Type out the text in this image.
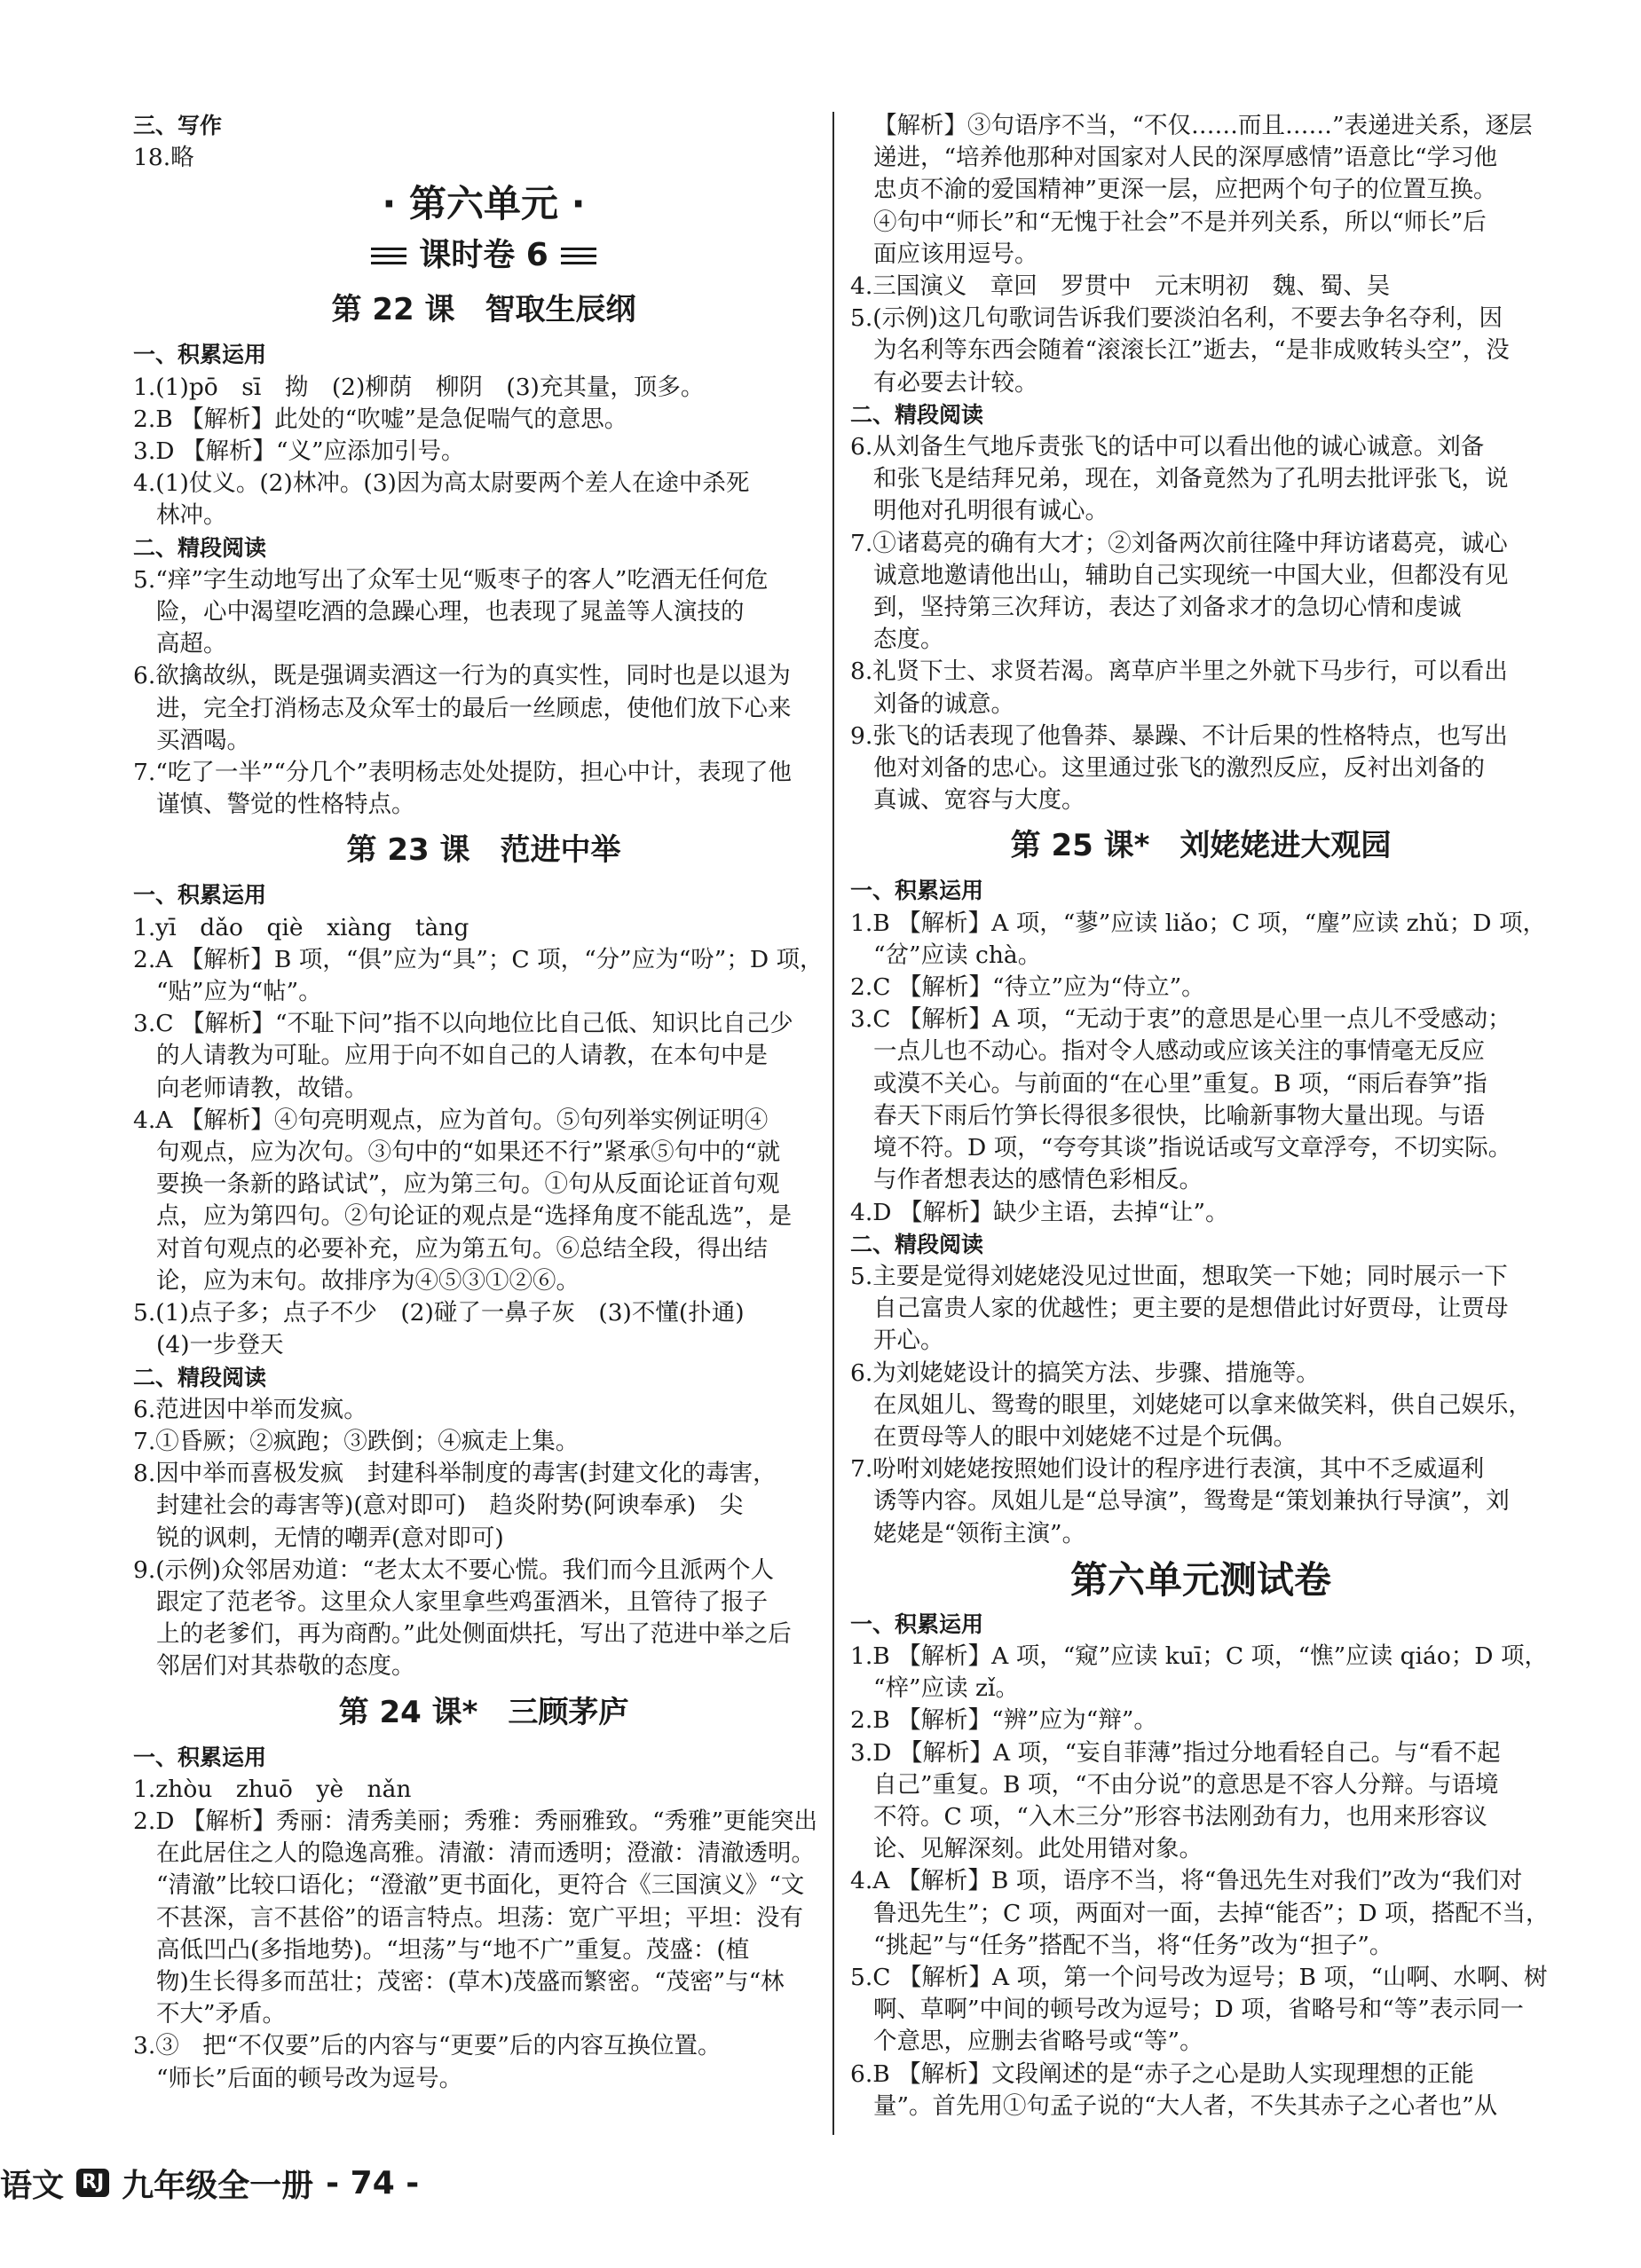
三、写作
18.略
· 第六单元 ·
课时卷 6
第 22 课　智取生辰纲
一、积累运用
1.(1)pō　sī　拗　(2)柳荫　柳阴　(3)充其量，顶多。
2.B 【解析】此处的“吹嘘”是急促喘气的意思。
3.D 【解析】“义”应添加引号。
4.(1)仗义。(2)林冲。(3)因为高太尉要两个差人在途中杀死
林冲。
二、精段阅读
5.“痒”字生动地写出了众军士见“贩枣子的客人”吃酒无任何危
险，心中渴望吃酒的急躁心理，也表现了晁盖等人演技的
高超。
6.欲擒故纵，既是强调卖酒这一行为的真实性，同时也是以退为
进，完全打消杨志及众军士的最后一丝顾虑，使他们放下心来
买酒喝。
7.“吃了一半”“分几个”表明杨志处处提防，担心中计，表现了他
谨慎、警觉的性格特点。
第 23 课　范进中举
一、积累运用
1.yī　dǎo　qiè　xiàng　tàng
2.A 【解析】B 项，“俱”应为“具”；C 项，“分”应为“吩”；D 项，
“贴”应为“帖”。
3.C 【解析】“不耻下问”指不以向地位比自己低、知识比自己少
的人请教为可耻。应用于向不如自己的人请教，在本句中是
向老师请教，故错。
4.A 【解析】④句亮明观点，应为首句。⑤句列举实例证明④
句观点，应为次句。③句中的“如果还不行”紧承⑤句中的“就
要换一条新的路试试”，应为第三句。①句从反面论证首句观
点，应为第四句。②句论证的观点是“选择角度不能乱选”，是
对首句观点的必要补充，应为第五句。⑥总结全段，得出结
论，应为末句。故排序为④⑤③①②⑥。
5.(1)点子多；点子不少　(2)碰了一鼻子灰　(3)不懂(扑通)
(4)一步登天
二、精段阅读
6.范进因中举而发疯。
7.①昏厥；②疯跑；③跌倒；④疯走上集。
8.因中举而喜极发疯　封建科举制度的毒害(封建文化的毒害，
封建社会的毒害等)(意对即可)　趋炎附势(阿谀奉承)　尖
锐的讽刺，无情的嘲弄(意对即可)
9.(示例)众邻居劝道：“老太太不要心慌。我们而今且派两个人
跟定了范老爷。这里众人家里拿些鸡蛋酒米，且管待了报子
上的老爹们，再为商酌。”此处侧面烘托，写出了范进中举之后
邻居们对其恭敬的态度。
第 24 课*　三顾茅庐
一、积累运用
1.zhòu　zhuō　yè　nǎn
2.D 【解析】秀丽：清秀美丽；秀雅：秀丽雅致。“秀雅”更能突出
在此居住之人的隐逸高雅。清澈：清而透明；澄澈：清澈透明。
“清澈”比较口语化；“澄澈”更书面化，更符合《三国演义》“文
不甚深，言不甚俗”的语言特点。坦荡：宽广平坦；平坦：没有
高低凹凸(多指地势)。“坦荡”与“地不广”重复。茂盛：(植
物)生长得多而茁壮；茂密：(草木)茂盛而繁密。“茂密”与“林
不大”矛盾。
3.③　把“不仅要”后的内容与“更要”后的内容互换位置。
“师长”后面的顿号改为逗号。
【解析】③句语序不当，“不仅……而且……”表递进关系，逐层
递进，“培养他那种对国家对人民的深厚感情”语意比“学习他
忠贞不渝的爱国精神”更深一层，应把两个句子的位置互换。
④句中“师长”和“无愧于社会”不是并列关系，所以“师长”后
面应该用逗号。
4.三国演义　章回　罗贯中　元末明初　魏、蜀、吴
5.(示例)这几句歌词告诉我们要淡泊名利，不要去争名夺利，因
为名利等东西会随着“滚滚长江”逝去，“是非成败转头空”，没
有必要去计较。
二、精段阅读
6.从刘备生气地斥责张飞的话中可以看出他的诚心诚意。刘备
和张飞是结拜兄弟，现在，刘备竟然为了孔明去批评张飞，说
明他对孔明很有诚心。
7.①诸葛亮的确有大才；②刘备两次前往隆中拜访诸葛亮，诚心
诚意地邀请他出山，辅助自己实现统一中国大业，但都没有见
到，坚持第三次拜访，表达了刘备求才的急切心情和虔诚
态度。
8.礼贤下士、求贤若渴。离草庐半里之外就下马步行，可以看出
刘备的诚意。
9.张飞的话表现了他鲁莽、暴躁、不计后果的性格特点，也写出
他对刘备的忠心。这里通过张飞的激烈反应，反衬出刘备的
真诚、宽容与大度。
第 25 课*　刘姥姥进大观园
一、积累运用
1.B 【解析】A 项，“蓼”应读 liǎo；C 项，“麈”应读 zhǔ；D 项，
“岔”应读 chà。
2.C 【解析】“待立”应为“侍立”。
3.C 【解析】A 项，“无动于衷”的意思是心里一点儿不受感动；
一点儿也不动心。指对令人感动或应该关注的事情毫无反应
或漠不关心。与前面的“在心里”重复。B 项，“雨后春笋”指
春天下雨后竹笋长得很多很快，比喻新事物大量出现。与语
境不符。D 项，“夸夸其谈”指说话或写文章浮夸，不切实际。
与作者想表达的感情色彩相反。
4.D 【解析】缺少主语，去掉“让”。
二、精段阅读
5.主要是觉得刘姥姥没见过世面，想取笑一下她；同时展示一下
自己富贵人家的优越性；更主要的是想借此讨好贾母，让贾母
开心。
6.为刘姥姥设计的搞笑方法、步骤、措施等。
在凤姐儿、鸳鸯的眼里，刘姥姥可以拿来做笑料，供自己娱乐，
在贾母等人的眼中刘姥姥不过是个玩偶。
7.吩咐刘姥姥按照她们设计的程序进行表演，其中不乏威逼利
诱等内容。凤姐儿是“总导演”，鸳鸯是“策划兼执行导演”，刘
姥姥是“领衔主演”。
第六单元测试卷
一、积累运用
1.B 【解析】A 项，“窥”应读 kuī；C 项，“憔”应读 qiáo；D 项，
“梓”应读 zǐ。
2.B 【解析】“辨”应为“辩”。
3.D 【解析】A 项，“妄自菲薄”指过分地看轻自己。与“看不起
自己”重复。B 项，“不由分说”的意思是不容人分辩。与语境
不符。C 项，“入木三分”形容书法刚劲有力，也用来形容议
论、见解深刻。此处用错对象。
4.A 【解析】B 项，语序不当，将“鲁迅先生对我们”改为“我们对
鲁迅先生”；C 项，两面对一面，去掉“能否”；D 项，搭配不当，
“挑起”与“任务”搭配不当，将“任务”改为“担子”。
5.C 【解析】A 项，第一个问号改为逗号；B 项，“山啊、水啊、树
啊、草啊”中间的顿号改为逗号；D 项，省略号和“等”表示同一
个意思，应删去省略号或“等”。
6.B 【解析】文段阐述的是“赤子之心是助人实现理想的正能
量”。首先用①句孟子说的“大人者，不失其赤子之心者也”从
语文 RJ 九年级全一册 - 74 -
